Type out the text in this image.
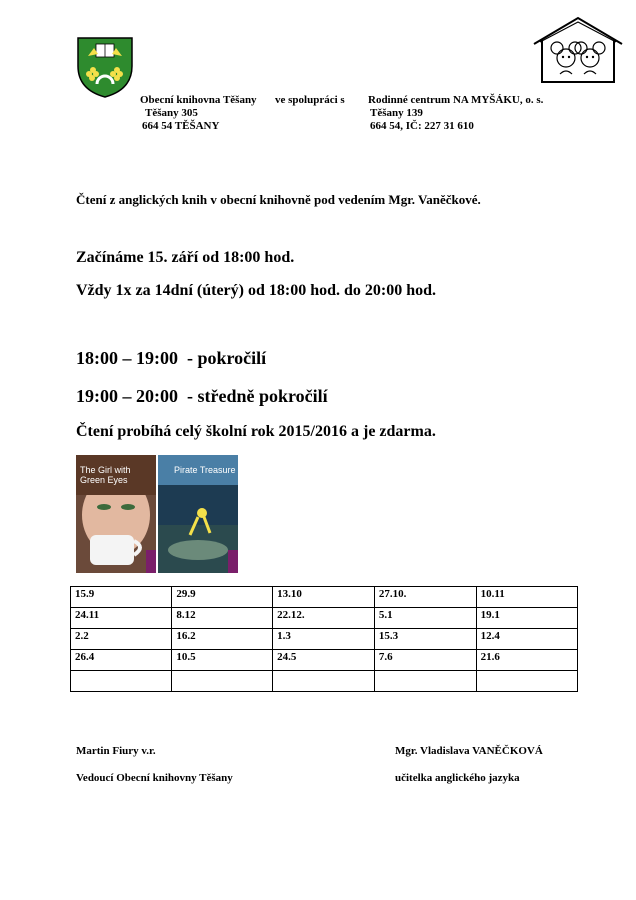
Obecní knihovna Těšany ve spolupráci s Rodinné centrum NA MYŠÁKU, o. s.
Těšany 305	Těšany 139
664 54 TĚŠANY	664 54, IČ: 227 31 610
Čtení z anglických knih v obecní knihovně pod vedením Mgr. Vaněčkové.
Začínáme 15. září od 18:00 hod.
Vždy 1x za 14dní (úterý) od 18:00 hod. do 20:00 hod.
18:00 – 19:00 - pokročilí
19:00 – 20:00 - středně pokročilí
Čtení probíhá celý školní rok 2015/2016 a je zdarma.
The Girl with Green Eyes
Pirate Treasure
15.9	29.9	13.10	27.10.	10.11
24.11	8.12	22.12.	5.1	19.1
2.2	16.2	1.3	15.3	12.4
26.4	10.5	24.5	7.6	21.6

Martin Fiury v.r.
Vedoucí Obecní knihovny Těšany
Mgr. Vladislava VANĚČKOVÁ
učitelka anglického jazyka
